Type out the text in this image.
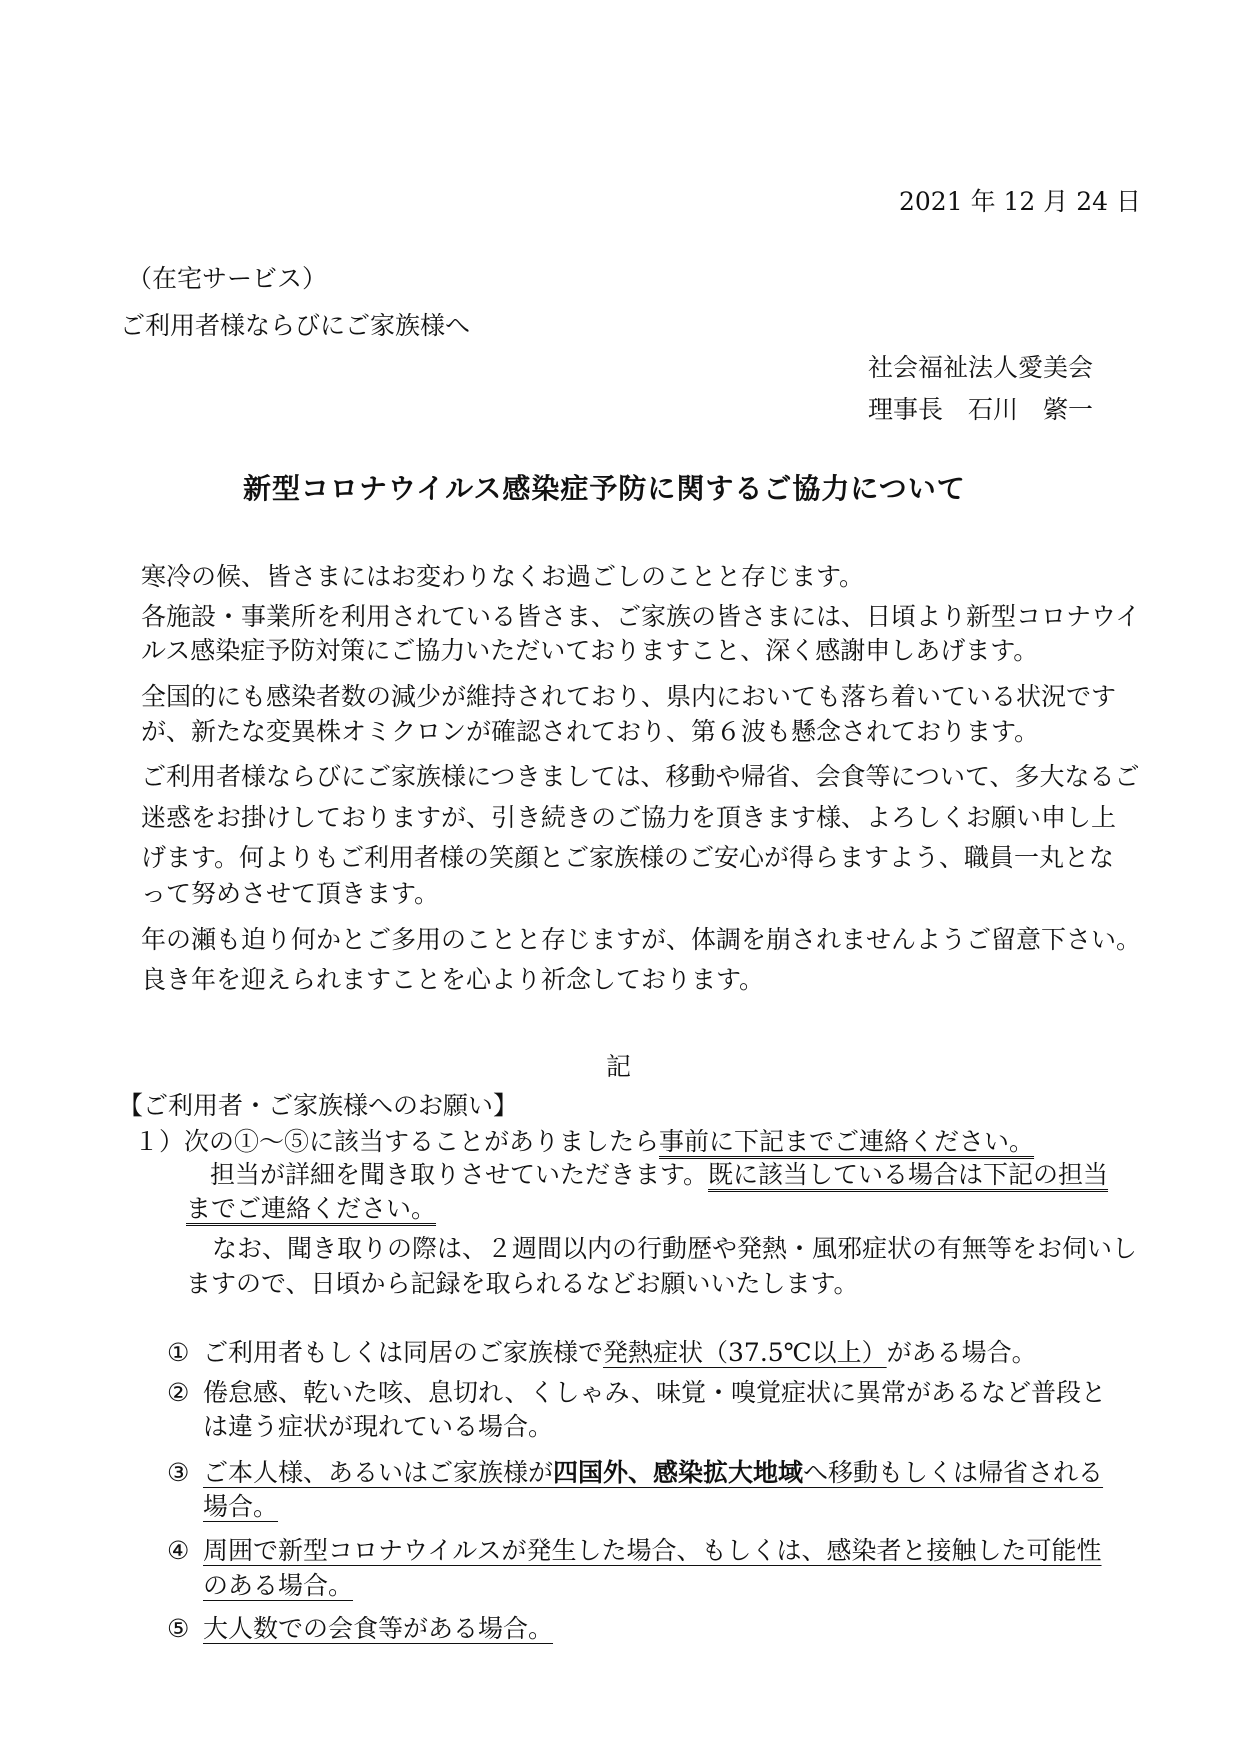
2021 年 12 月 24 日
（在宅サービス）
ご利用者様ならびにご家族様へ
社会福祉法人愛美会
理事長　石川　綮一
新型コロナウイルス感染症予防に関するご協力について
寒冷の候、皆さまにはお変わりなくお過ごしのことと存じます。
各施設・事業所を利用されている皆さま、ご家族の皆さまには、日頃より新型コロナウイ
ルス感染症予防対策にご協力いただいておりますこと、深く感謝申しあげます。
全国的にも感染者数の減少が維持されており、県内においても落ち着いている状況です
が、新たな変異株オミクロンが確認されており、第６波も懸念されております。
ご利用者様ならびにご家族様につきましては、移動や帰省、会食等について、多大なるご
迷惑をお掛けしておりますが、引き続きのご協力を頂きます様、よろしくお願い申し上
げます。何よりもご利用者様の笑顔とご家族様のご安心が得らますよう、職員一丸とな
って努めさせて頂きます。
年の瀬も迫り何かとご多用のことと存じますが、体調を崩されませんようご留意下さい。
良き年を迎えられますことを心より祈念しております。
記
【ご利用者・ご家族様へのお願い】
１）次の①～⑤に該当することがありましたら事前に下記までご連絡ください。
担当が詳細を聞き取りさせていただきます。既に該当している場合は下記の担当
までご連絡ください。
なお、聞き取りの際は、２週間以内の行動歴や発熱・風邪症状の有無等をお伺いし
ますので、日頃から記録を取られるなどお願いいたします。
① ご利用者もしくは同居のご家族様で発熱症状（37.5℃以上）がある場合。
② 倦怠感、乾いた咳、息切れ、くしゃみ、味覚・嗅覚症状に異常があるなど普段と
は違う症状が現れている場合。
③ ご本人様、あるいはご家族様が四国外、感染拡大地域へ移動もしくは帰省される
場合。
④ 周囲で新型コロナウイルスが発生した場合、もしくは、感染者と接触した可能性
のある場合。
⑤ 大人数での会食等がある場合。
